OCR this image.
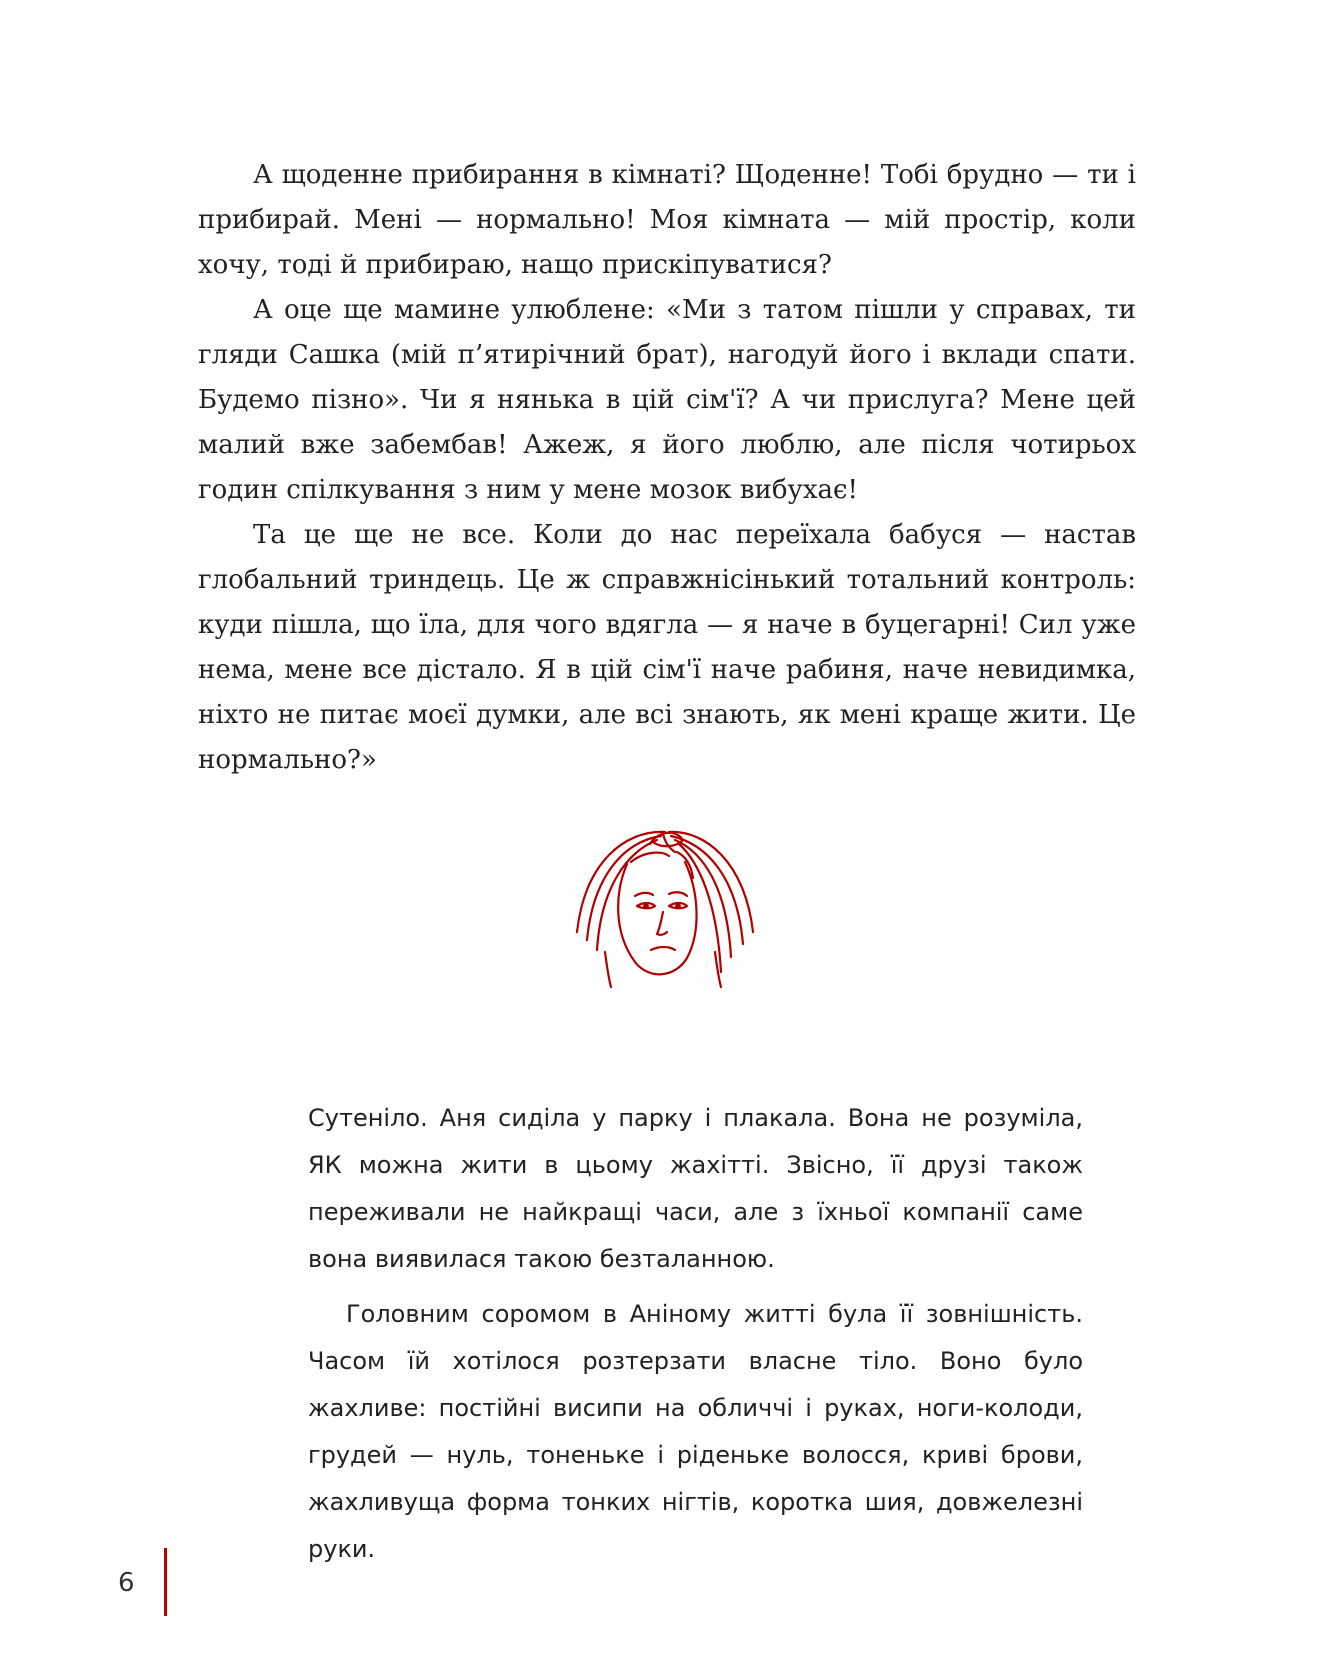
А щоденне прибирання в кімнаті? Щоденне! Тобі брудно — ти і прибирай. Мені — нормально! Моя кімната — мій простір, коли хочу, тоді й прибираю, нащо прискіпуватися?

А оце ще мамине улюблене: «Ми з татом пішли у справах, ти гляди Сашка (мій п’ятирічний брат), нагодуй його і вклади спати. Будемо пізно». Чи я нянька в цій сім'ї? А чи прислуга? Мене цей малий вже забембав! Ажеж, я його люблю, але після чотирьох годин спілкування з ним у мене мозок вибухає!

Та це ще не все. Коли до нас переїхала бабуся — настав глобальний триндець. Це ж справжнісінький тотальний контроль: куди пішла, що їла, для чого вдягла — я наче в буцегарні! Сил уже нема, мене все дістало. Я в цій сім'ї наче рабиня, наче невидимка, ніхто не питає моєї думки, але всі знають, як мені краще жити. Це нормально?»

Сутеніло. Аня сиділа у парку і плакала. Вона не розуміла, ЯК можна жити в цьому жахітті. Звісно, її друзі також переживали не найкращі часи, але з їхньої компанії саме вона виявилася такою безталанною.

Головним соромом в Аніному житті була її зовнішність. Часом їй хотілося розтерзати власне тіло. Воно було жахливе: постійні висипи на обличчі і руках, ноги-колоди, грудей — нуль, тоненьке і ріденьке волосся, криві брови, жахливуща форма тонких нігтів, коротка шия, довжелезні руки.

6
